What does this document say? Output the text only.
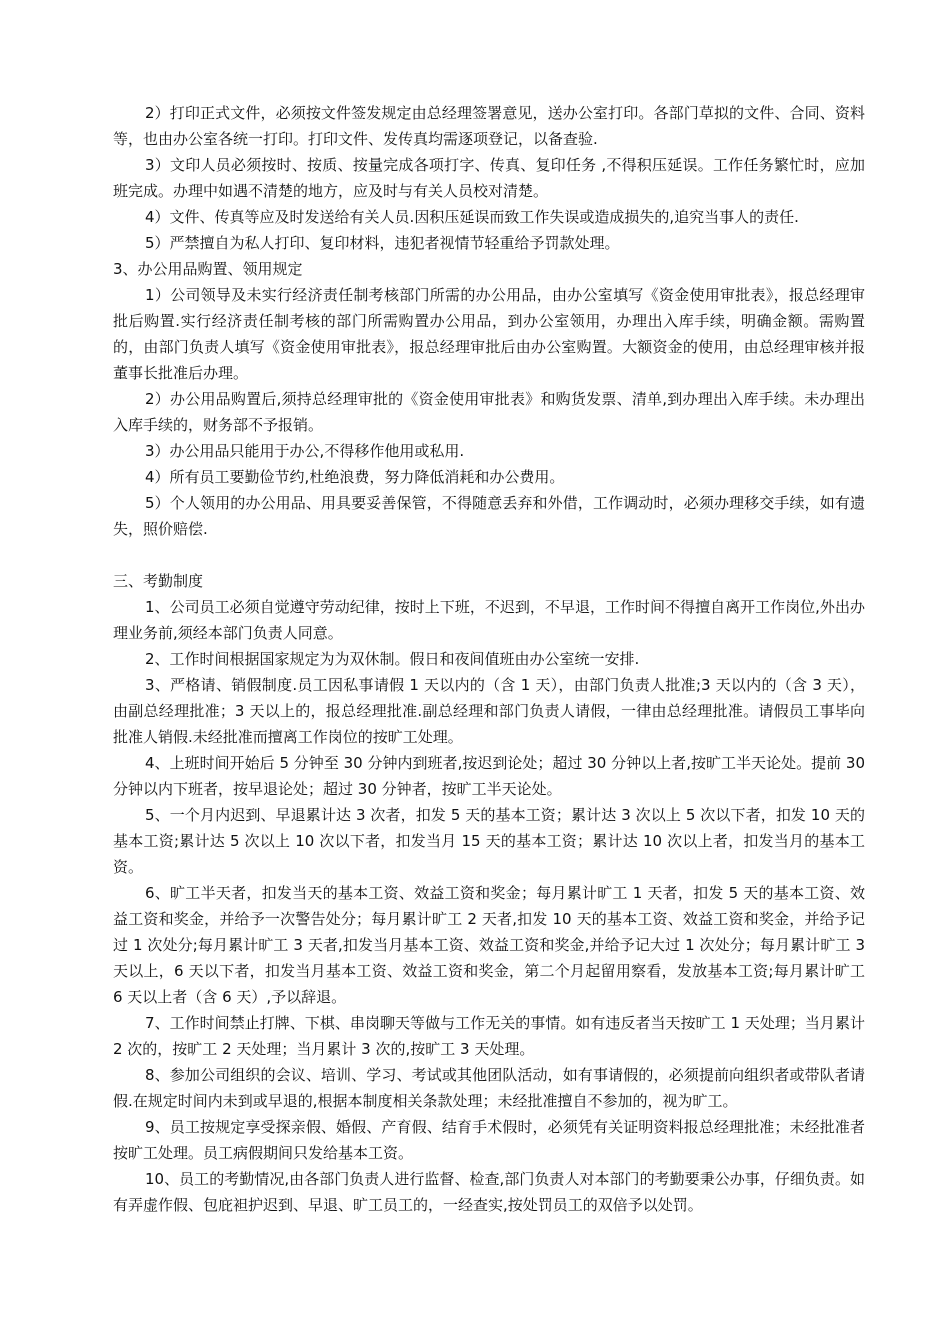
2）打印正式文件，必须按文件签发规定由总经理签署意见，送办公室打印。各部门草拟的文件、合同、资料等，也由办公室各统一打印。打印文件、发传真均需逐项登记，以备查验.

3）文印人员必须按时、按质、按量完成各项打字、传真、复印任务 ,不得积压延误。工作任务繁忙时，应加班完成。办理中如遇不清楚的地方，应及时与有关人员校对清楚。

4）文件、传真等应及时发送给有关人员.因积压延误而致工作失误或造成损失的,追究当事人的责任.

5）严禁擅自为私人打印、复印材料，违犯者视情节轻重给予罚款处理。

3、办公用品购置、领用规定

1）公司领导及未实行经济责任制考核部门所需的办公用品，由办公室填写《资金使用审批表》，报总经理审批后购置.实行经济责任制考核的部门所需购置办公用品，到办公室领用，办理出入库手续，明确金额。需购置的，由部门负责人填写《资金使用审批表》，报总经理审批后由办公室购置。大额资金的使用，由总经理审核并报董事长批准后办理。

2）办公用品购置后,须持总经理审批的《资金使用审批表》和购货发票、清单,到办理出入库手续。未办理出入库手续的，财务部不予报销。

3）办公用品只能用于办公,不得移作他用或私用.

4）所有员工要勤俭节约,杜绝浪费，努力降低消耗和办公费用。

5）个人领用的办公用品、用具要妥善保管，不得随意丢弃和外借，工作调动时，必须办理移交手续，如有遗失，照价赔偿.

三、考勤制度

1、公司员工必须自觉遵守劳动纪律，按时上下班，不迟到，不早退，工作时间不得擅自离开工作岗位,外出办理业务前,须经本部门负责人同意。

2、工作时间根据国家规定为为双休制。假日和夜间值班由办公室统一安排.

3、严格请、销假制度.员工因私事请假 1 天以内的（含 1 天），由部门负责人批准;3 天以内的（含 3 天），由副总经理批准；3 天以上的，报总经理批准.副总经理和部门负责人请假，一律由总经理批准。请假员工事毕向批准人销假.未经批准而擅离工作岗位的按旷工处理。

4、上班时间开始后 5 分钟至 30 分钟内到班者,按迟到论处；超过 30 分钟以上者,按旷工半天论处。提前 30 分钟以内下班者，按早退论处；超过 30 分钟者，按旷工半天论处。

5、一个月内迟到、早退累计达 3 次者，扣发 5 天的基本工资；累计达 3 次以上 5 次以下者，扣发 10 天的基本工资;累计达 5 次以上 10 次以下者，扣发当月 15 天的基本工资；累计达 10 次以上者，扣发当月的基本工资。

6、旷工半天者，扣发当天的基本工资、效益工资和奖金；每月累计旷工 1 天者，扣发 5 天的基本工资、效益工资和奖金，并给予一次警告处分；每月累计旷工 2 天者,扣发 10 天的基本工资、效益工资和奖金，并给予记过 1 次处分;每月累计旷工 3 天者,扣发当月基本工资、效益工资和奖金,并给予记大过 1 次处分；每月累计旷工 3 天以上，6 天以下者，扣发当月基本工资、效益工资和奖金，第二个月起留用察看，发放基本工资;每月累计旷工 6 天以上者（含 6 天）,予以辞退。

7、工作时间禁止打牌、下棋、串岗聊天等做与工作无关的事情。如有违反者当天按旷工 1 天处理；当月累计 2 次的，按旷工 2 天处理；当月累计 3 次的,按旷工 3 天处理。

8、参加公司组织的会议、培训、学习、考试或其他团队活动，如有事请假的，必须提前向组织者或带队者请假.在规定时间内未到或早退的,根据本制度相关条款处理；未经批准擅自不参加的，视为旷工。

9、员工按规定享受探亲假、婚假、产育假、结育手术假时，必须凭有关证明资料报总经理批准；未经批准者按旷工处理。员工病假期间只发给基本工资。

10、员工的考勤情况,由各部门负责人进行监督、检查,部门负责人对本部门的考勤要秉公办事，仔细负责。如有弄虚作假、包庇袒护迟到、早退、旷工员工的，一经查实,按处罚员工的双倍予以处罚。
